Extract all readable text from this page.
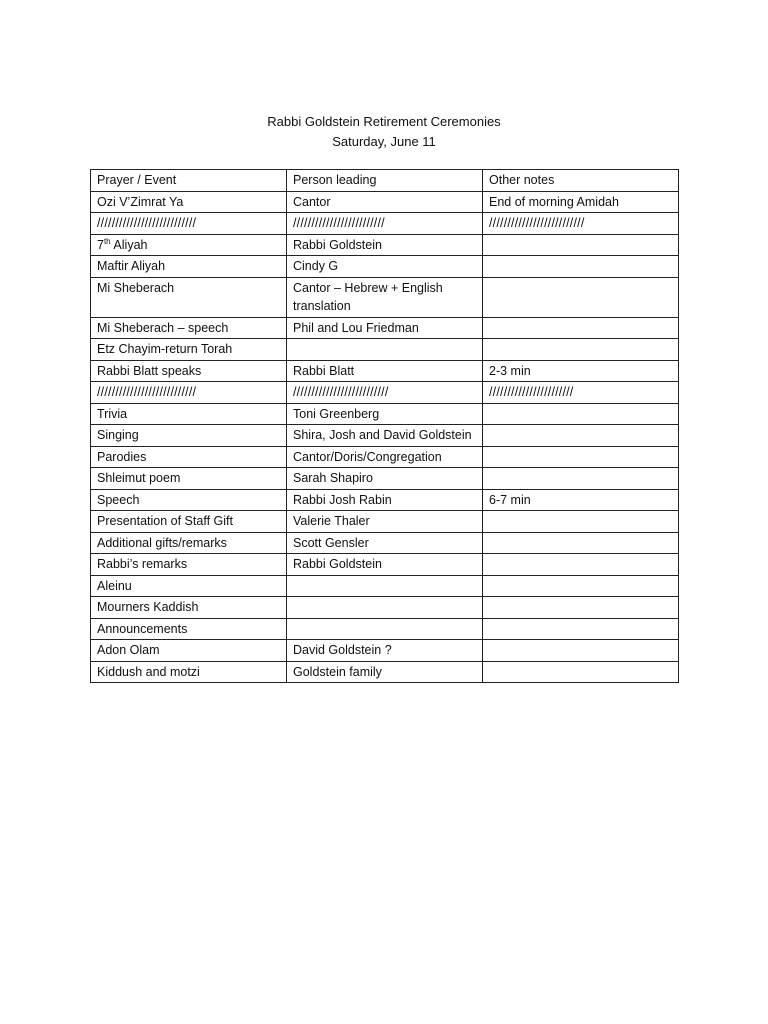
Rabbi Goldstein Retirement Ceremonies
Saturday, June 11
Prayer / Event	Person leading	Other notes
Ozi V’Zimrat Ya	Cantor	End of morning Amidah
///////////////////////////	/////////////////////////	//////////////////////////
7th Aliyah	Rabbi Goldstein	
Maftir Aliyah	Cindy G	
Mi Sheberach	Cantor – Hebrew + English translation	
Mi Sheberach – speech	Phil and Lou Friedman	
Etz Chayim-return Torah		
Rabbi Blatt speaks	Rabbi Blatt	2-3 min
///////////////////////////	//////////////////////////	///////////////////////
Trivia	Toni Greenberg	
Singing	Shira, Josh and David Goldstein	
Parodies	Cantor/Doris/Congregation	
Shleimut poem	Sarah Shapiro	
Speech	Rabbi Josh Rabin	6-7 min
Presentation of Staff Gift	Valerie Thaler	
Additional gifts/remarks	Scott Gensler	
Rabbi’s remarks	Rabbi Goldstein	
Aleinu		
Mourners Kaddish		
Announcements		
Adon Olam	David Goldstein ?	
Kiddush and motzi	Goldstein family	
